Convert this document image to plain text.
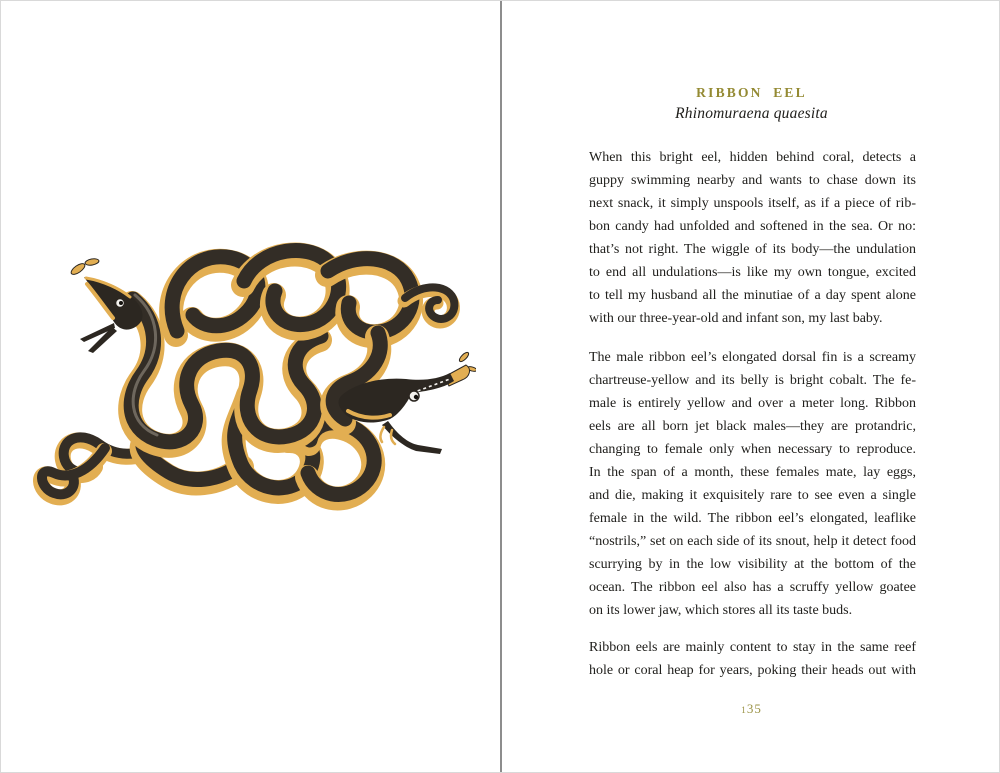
RIBBON EEL
Rhinomuraena quaesita
When this bright eel, hidden behind coral, detects a
guppy swimming nearby and wants to chase down its
next snack, it simply unspools itself, as if a piece of rib-
bon candy had unfolded and softened in the sea. Or no:
that’s not right. The wiggle of its body—the undulation
to end all undulations—is like my own tongue, excited
to tell my husband all the minutiae of a day spent alone
with our three-year-old and infant son, my last baby.
The male ribbon eel’s elongated dorsal fin is a screamy
chartreuse-yellow and its belly is bright cobalt. The fe-
male is entirely yellow and over a meter long. Ribbon
eels are all born jet black males—they are protandric,
changing to female only when necessary to reproduce.
In the span of a month, these females mate, lay eggs,
and die, making it exquisitely rare to see even a single
female in the wild. The ribbon eel’s elongated, leaflike
“nostrils,” set on each side of its snout, help it detect food
scurrying by in the low visibility at the bottom of the
ocean. The ribbon eel also has a scruffy yellow goatee
on its lower jaw, which stores all its taste buds.
Ribbon eels are mainly content to stay in the same reef
hole or coral heap for years, poking their heads out with
135
